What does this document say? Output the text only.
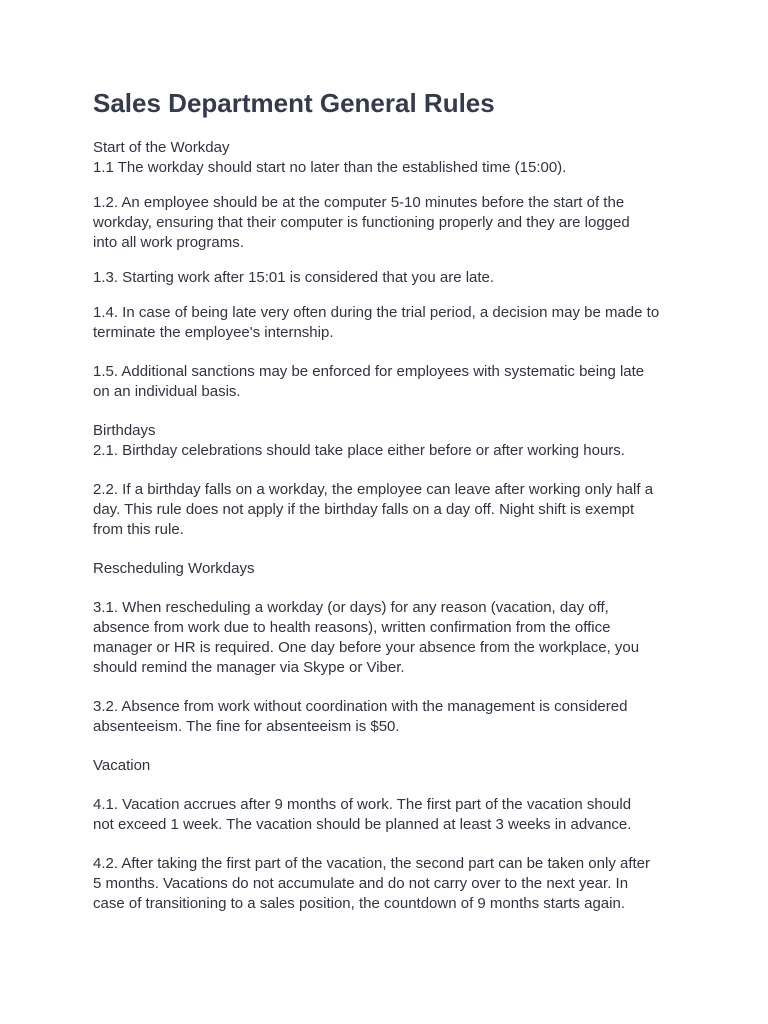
Sales Department General Rules

Start of the Workday

1.1 The workday should start no later than the established time (15:00).

1.2. An employee should be at the computer 5-10 minutes before the start of the

workday, ensuring that their computer is functioning properly and they are logged

into all work programs.

1.3. Starting work after 15:01 is considered that you are late.

1.4. In case of being late very often during the trial period, a decision may be made to

terminate the employee's internship.

1.5. Additional sanctions may be enforced for employees with systematic being late

on an individual basis.

Birthdays

2.1. Birthday celebrations should take place either before or after working hours.

2.2. If a birthday falls on a workday, the employee can leave after working only half a

day. This rule does not apply if the birthday falls on a day off. Night shift is exempt

from this rule.

Rescheduling Workdays

3.1. When rescheduling a workday (or days) for any reason (vacation, day off,

absence from work due to health reasons), written confirmation from the office

manager or HR is required. One day before your absence from the workplace, you

should remind the manager via Skype or Viber.

3.2. Absence from work without coordination with the management is considered

absenteeism. The fine for absenteeism is $50.

Vacation

4.1. Vacation accrues after 9 months of work. The first part of the vacation should

not exceed 1 week. The vacation should be planned at least 3 weeks in advance.

4.2. After taking the first part of the vacation, the second part can be taken only after

5 months. Vacations do not accumulate and do not carry over to the next year. In

case of transitioning to a sales position, the countdown of 9 months starts again.
